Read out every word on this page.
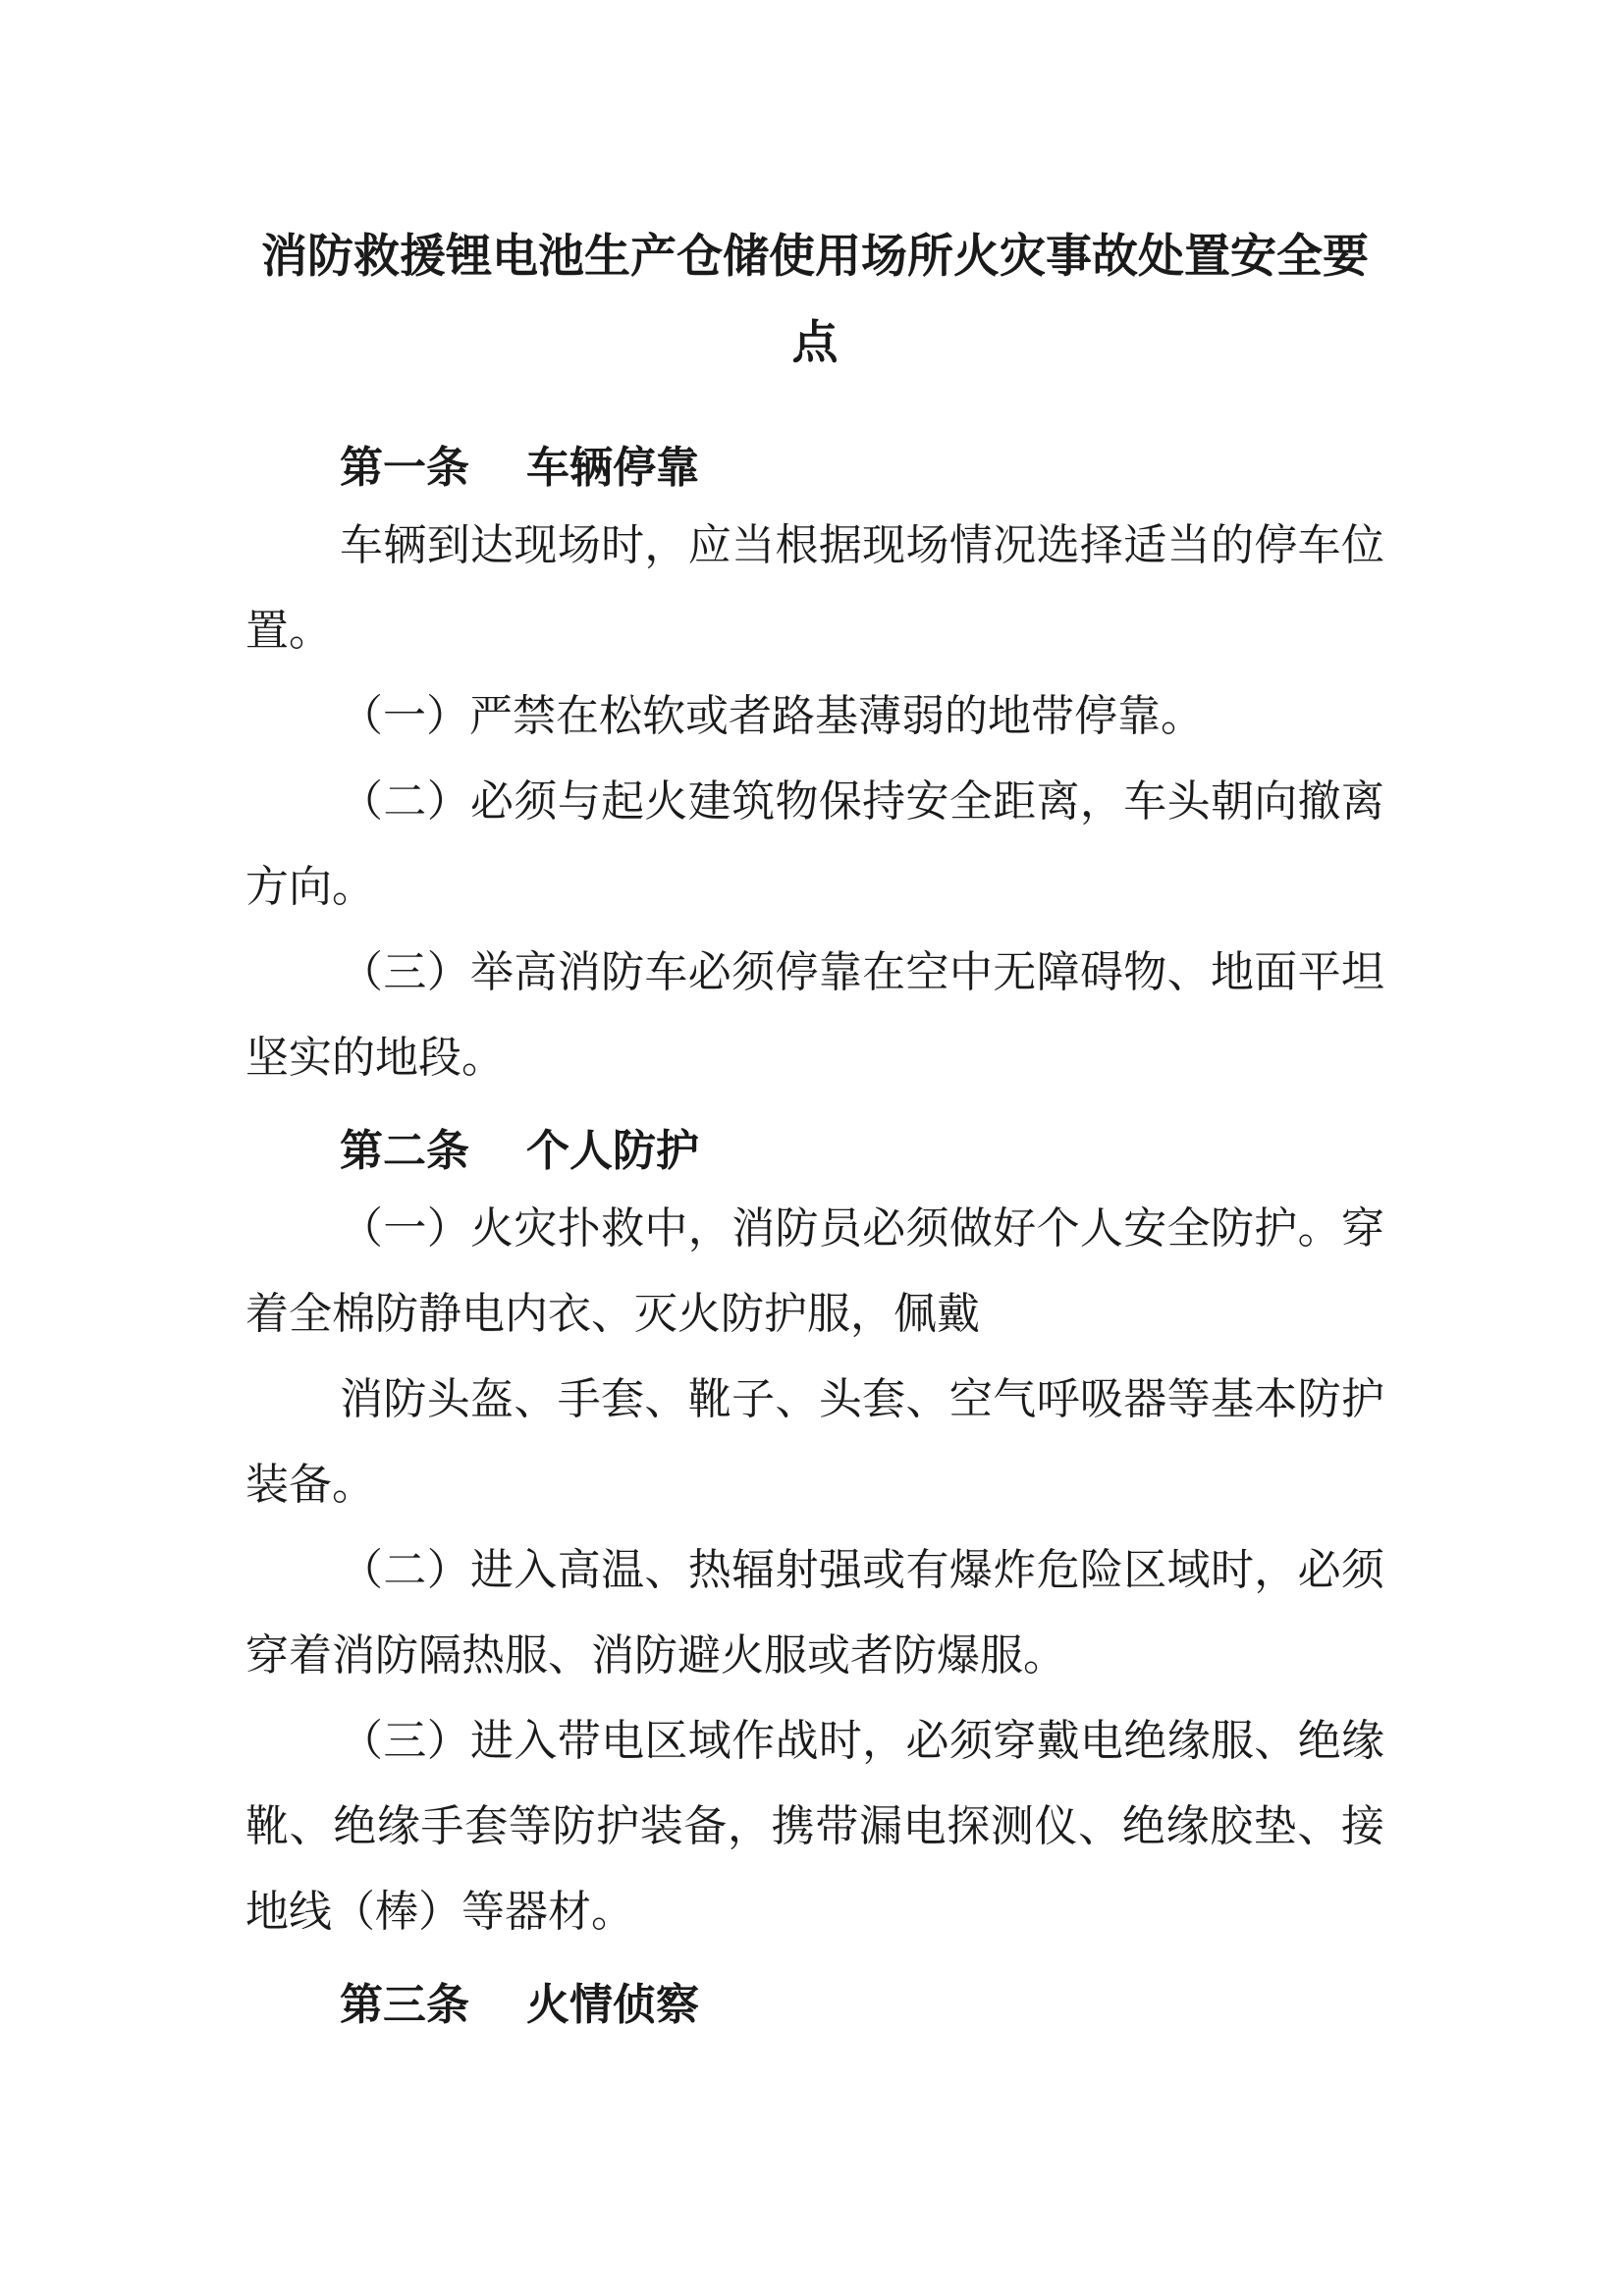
消防救援锂电池生产仓储使用场所火灾事故处置安全要点
第一条 车辆停靠
车辆到达现场时，应当根据现场情况选择适当的停车位置。
（一）严禁在松软或者路基薄弱的地带停靠。
（二）必须与起火建筑物保持安全距离，车头朝向撤离方向。
（三）举高消防车必须停靠在空中无障碍物、地面平坦坚实的地段。
第二条 个人防护
（一）火灾扑救中，消防员必须做好个人安全防护。穿着全棉防静电内衣、灭火防护服，佩戴
消防头盔、手套、靴子、头套、空气呼吸器等基本防护装备。
（二）进入高温、热辐射强或有爆炸危险区域时，必须穿着消防隔热服、消防避火服或者防爆服。
（三）进入带电区域作战时，必须穿戴电绝缘服、绝缘靴、绝缘手套等防护装备，携带漏电探测仪、绝缘胶垫、接地线（棒）等器材。
第三条 火情侦察
